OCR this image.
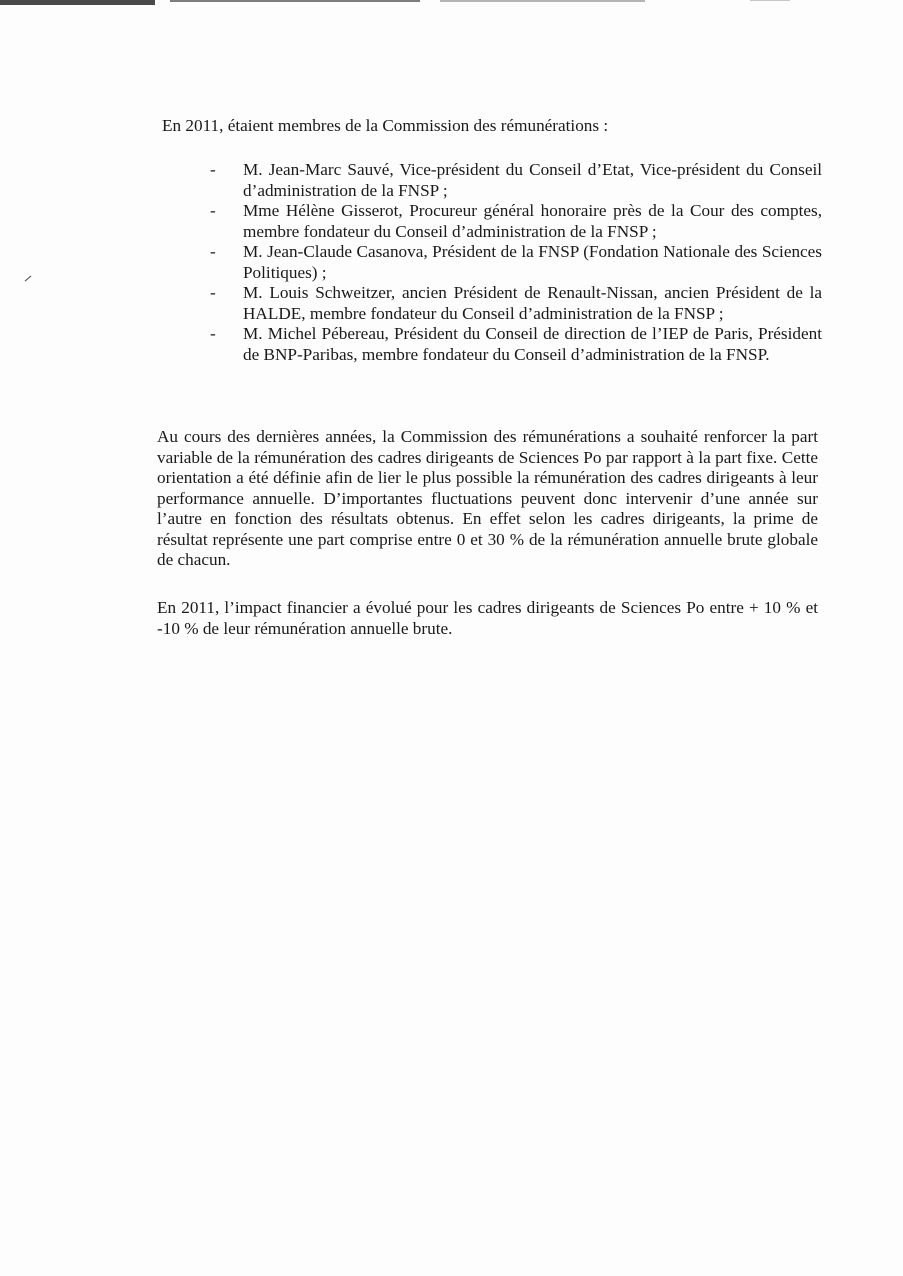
En 2011, étaient membres de la Commission des rémunérations :
- M. Jean-Marc Sauvé, Vice-président du Conseil d’Etat, Vice-président du Conseil d’administration de la FNSP ;
- Mme Hélène Gisserot, Procureur général honoraire près de la Cour des comptes, membre fondateur du Conseil d’administration de la FNSP ;
- M. Jean-Claude Casanova, Président de la FNSP (Fondation Nationale des Sciences Politiques) ;
- M. Louis Schweitzer, ancien Président de Renault-Nissan, ancien Président de la HALDE, membre fondateur du Conseil d’administration de la FNSP ;
- M. Michel Pébereau, Président du Conseil de direction de l’IEP de Paris, Président de BNP-Paribas, membre fondateur du Conseil d’administration de la FNSP.

Au cours des dernières années, la Commission des rémunérations a souhaité renforcer la part variable de la rémunération des cadres dirigeants de Sciences Po par rapport à la part fixe. Cette orientation a été définie afin de lier le plus possible la rémunération des cadres dirigeants à leur performance annuelle. D’importantes fluctuations peuvent donc intervenir d’une année sur l’autre en fonction des résultats obtenus. En effet selon les cadres dirigeants, la prime de résultat représente une part comprise entre 0 et 30 % de la rémunération annuelle brute globale de chacun.

En 2011, l’impact financier a évolué pour les cadres dirigeants de Sciences Po entre + 10 % et -10 % de leur rémunération annuelle brute.
